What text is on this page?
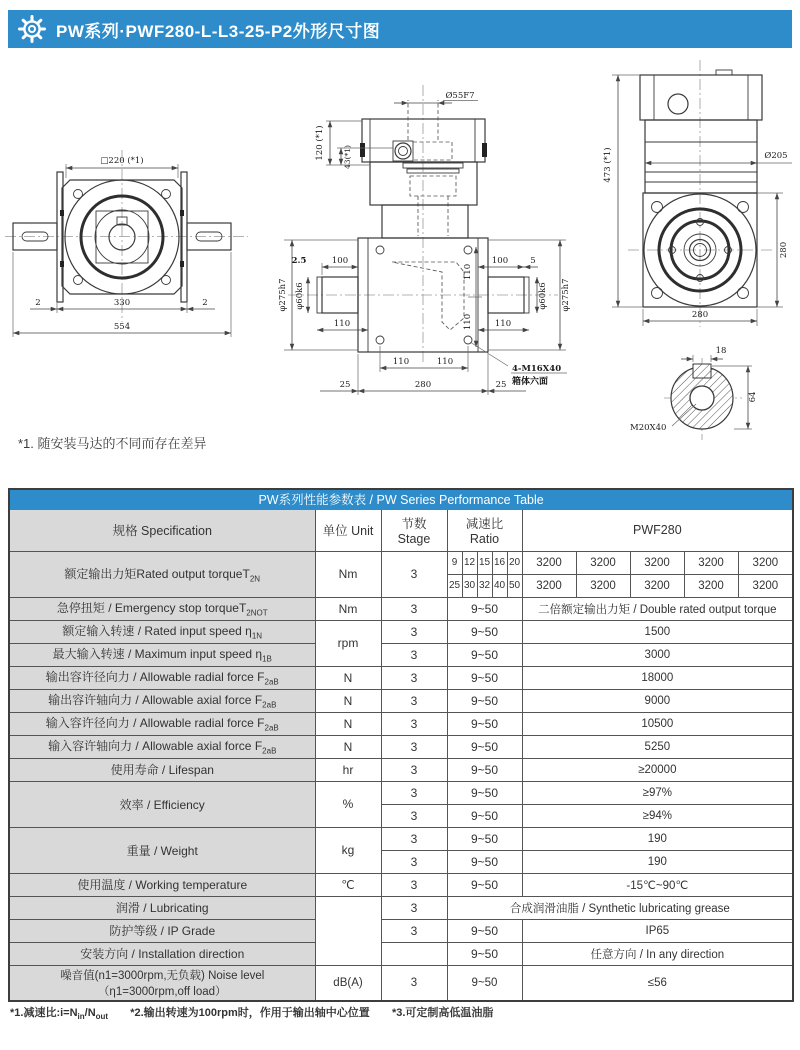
PW系列·PWF280-L-L3-25-P2外形尺寸图
□220 (*1)
2	330	2
554
Ø55F7
120 (*1) 43(*1)
φ275h7 φ60k6
2.5	100
110
100	5
110
φ60k6 φ275h7
110
110
110	110
25	280	25
4-M16X40
箱体六面
473 (*1)	Ø205
280
280
18
64
M20X40
*1. 随安装马达的不同而存在差异
PW系列性能参数表 / PW Series Performance Table												
规格 Specification	单位 Unit	节数 Stage	减速比 Ratio					PWF280				
额定输出力矩Rated output torqueT$_{2N}$	Nm	3	9	12	15	16	20	3200	3200	3200	3200	3200
			25	30	32	40	50	3200	3200	3200	3200	3200
急停扭矩 / Emergency stop torqueT$_{2NOT}$	Nm	3	9~50					二倍额定输出力矩 / Double rated output torque				
额定输入转速 / Rated input speed $\eta_{1N}$	rpm	3	9~50					1500				
最大输入转速 / Maximum input speed $\eta_{1B}$		3	9~50					3000				
输出容许径向力 / Allowable radial force $F_{2aB}$	N	3	9~50					18000				
输出容许轴向力 / Allowable axial force $F_{2aB}$	N	3	9~50					9000				
输入容许径向力 / Allowable radial force $F_{2aB}$	N	3	9~50					10500				
输入容许轴向力 / Allowable axial force $F_{2aB}$	N	3	9~50					5250				
使用寿命 / Lifespan	hr	3	9~50					≥20000				
效率 / Efficiency	%	3	9~50					≥97%				
		3	9~50					≥94%				
重量 / Weight	kg	3	9~50					190				
		3	9~50					190				
使用温度 / Working temperature	℃	3	9~50					-15℃~90℃				
润滑 / Lubricating		3	合成润滑油脂 / Synthetic lubricating grease									
防护等级 / IP Grade		3	9~50					IP65				
安装方向 / Installation direction			9~50					任意方向 / In any direction				

噪音值(n1=3000rpm,无负载) Noise level
（η1=3000rpm,off load）	dB(A)	3	9~50					≤56				
*1.减速比$:i=N_{in}/N_{out}$ *2.输出转速为100rpm时，作用于输出轴中心位置 *3.可定制高低温油脂
